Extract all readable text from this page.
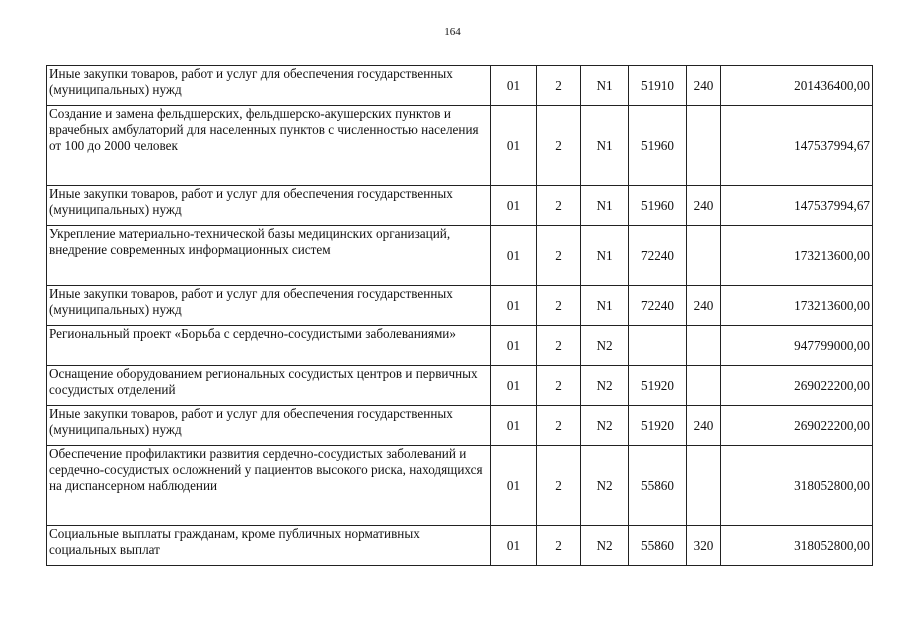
164
Иные закупки товаров, работ и услуг для обеспечения государственных (муниципальных) нужд	01	2	N1	51910	240	201436400,00
Создание и замена фельдшерских, фельдшерско-акушерских пунктов и врачебных амбулаторий для населенных пунктов с численностью населения от 100 до 2000 человек	01	2	N1	51960		147537994,67
Иные закупки товаров, работ и услуг для обеспечения государственных (муниципальных) нужд	01	2	N1	51960	240	147537994,67
Укрепление материально-технической базы медицинских организаций, внедрение современных информационных систем	01	2	N1	72240		173213600,00
Иные закупки товаров, работ и услуг для обеспечения государственных (муниципальных) нужд	01	2	N1	72240	240	173213600,00
Региональный проект «Борьба с сердечно-сосудистыми заболеваниями»	01	2	N2			947799000,00
Оснащение оборудованием региональных сосудистых центров и первичных сосудистых отделений	01	2	N2	51920		269022200,00
Иные закупки товаров, работ и услуг для обеспечения государственных (муниципальных) нужд	01	2	N2	51920	240	269022200,00
Обеспечение профилактики развития сердечно-сосудистых заболеваний и сердечно-сосудистых осложнений у пациентов высокого риска, находящихся на диспансерном наблюдении	01	2	N2	55860		318052800,00
Социальные выплаты гражданам, кроме публичных нормативных социальных выплат	01	2	N2	55860	320	318052800,00
